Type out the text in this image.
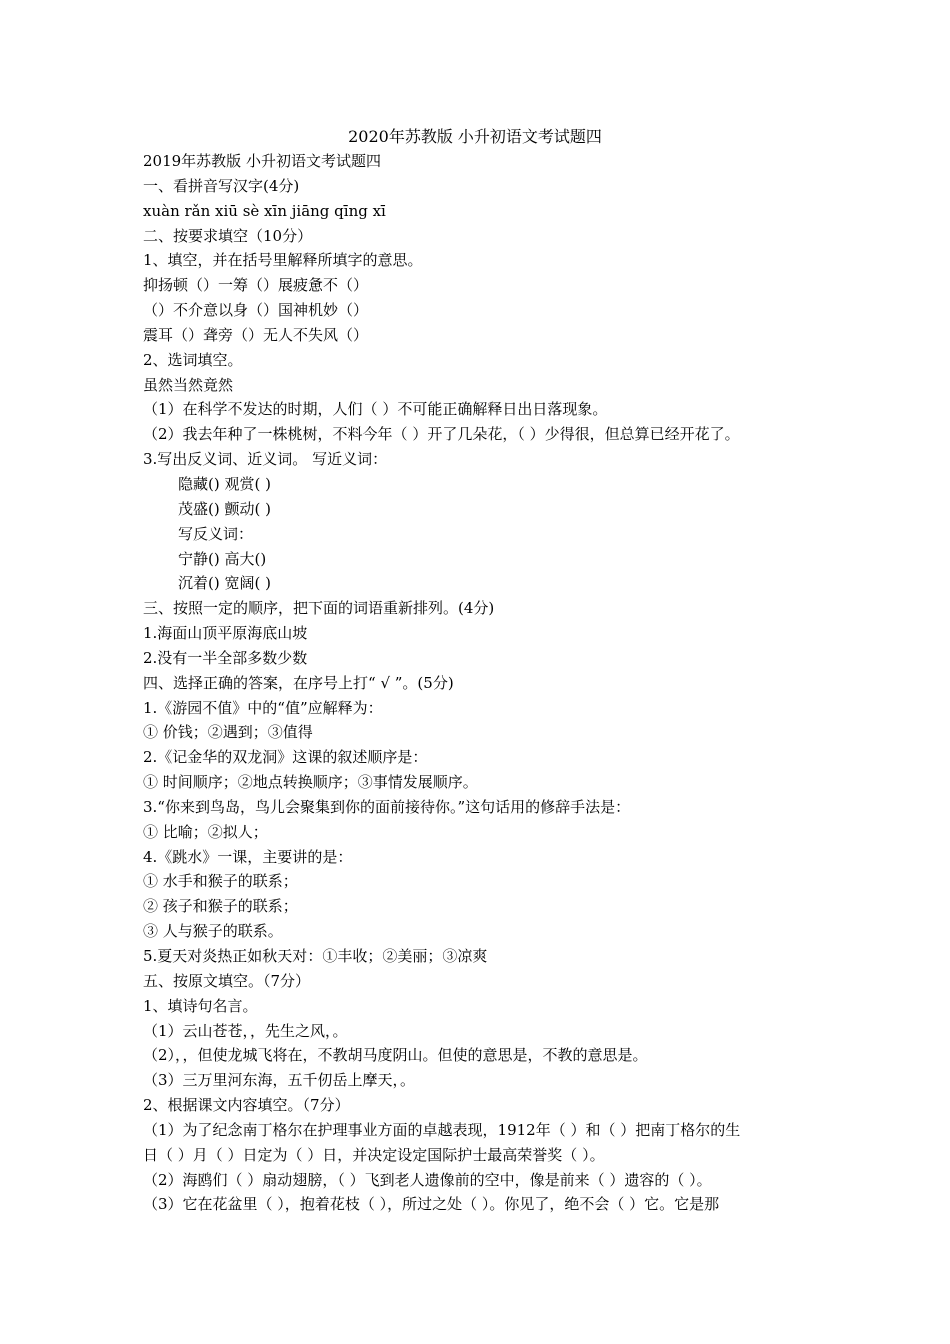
2020年苏教版 小升初语文考试题四
2019年苏教版 小升初语文考试题四
一、看拼音写汉字(4分)
xuàn rǎn xiū sè xīn jiāng qīng xī
二、按要求填空（10分）
1、填空，并在括号里解释所填字的意思。
抑扬顿（）一筹（）展疲惫不（）
（）不介意以身（）国神机妙（）
震耳（）聋旁（）无人不失风（）
2、选词填空。
虽然当然竟然
（1）在科学不发达的时期，人们（ ）不可能正确解释日出日落现象。
（2）我去年种了一株桃树，不料今年（ ）开了几朵花，（ ）少得很，但总算已经开花了。
3.写出反义词、近义词。 写近义词：
隐藏() 观赏( )
茂盛() 颤动( )
写反义词：
宁静() 高大()
沉着() 宽阔( )
三、按照一定的顺序，把下面的词语重新排列。(4分)
1.海面山顶平原海底山坡
2.没有一半全部多数少数
四、选择正确的答案，在序号上打“ √ ”。(5分)
1.《游园不值》中的“值”应解释为：
① 价钱；②遇到；③值得
2.《记金华的双龙洞》这课的叙述顺序是：
① 时间顺序；②地点转换顺序；③事情发展顺序。
3.“你来到鸟岛，鸟儿会聚集到你的面前接待你。”这句话用的修辞手法是：
① 比喻；②拟人；
4.《跳水》一课，主要讲的是：
① 水手和猴子的联系；
② 孩子和猴子的联系；
③ 人与猴子的联系。
5.夏天对炎热正如秋天对：①丰收；②美丽；③凉爽
五、按原文填空。（7分）
1、填诗句名言。
（1）云山苍苍，，先生之风，。
（2），，但使龙城飞将在，不教胡马度阴山。但使的意思是，不教的意思是。
（3）三万里河东海，五千仞岳上摩天，。
2、根据课文内容填空。（7分）
（1）为了纪念南丁格尔在护理事业方面的卓越表现，1912年（ ）和（ ）把南丁格尔的生
日（ ）月（ ）日定为（ ）日，并决定设定国际护士最高荣誉奖（ ）。
（2）海鸥们（ ）扇动翅膀，（ ）飞到老人遗像前的空中，像是前来（ ）遗容的（ ）。
（3）它在花盆里（ ），抱着花枝（ ），所过之处（ ）。你见了，绝不会（ ）它。它是那
